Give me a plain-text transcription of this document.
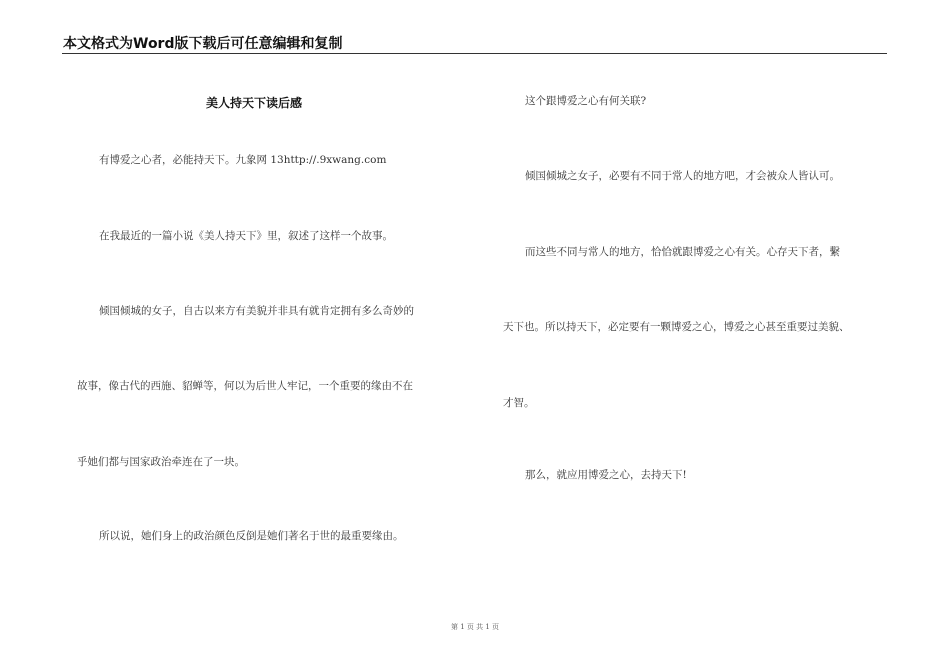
本文格式为Word版下载后可任意编辑和复制
美人持天下读后感
有博爱之心者，必能持天下。九象网 13http://.9xwang.com
在我最近的一篇小说《美人持天下》里，叙述了这样一个故事。
倾国倾城的女子，自古以来方有美貌并非具有就肯定拥有多么奇妙的
故事，像古代的西施、貂蝉等，何以为后世人牢记，一个重要的缘由不在
乎她们都与国家政治牵连在了一块。
所以说，她们身上的政治颜色反倒是她们著名于世的最重要缘由。
这个跟博爱之心有何关联?
倾国倾城之女子，必要有不同于常人的地方吧，才会被众人皆认可。
而这些不同与常人的地方，恰恰就跟博爱之心有关。心存天下者，繫
天下也。所以持天下，必定要有一颗博爱之心，博爱之心甚至重要过美貌、
才智。
那么，就应用博爱之心，去持天下!
第 1 页 共 1 页
